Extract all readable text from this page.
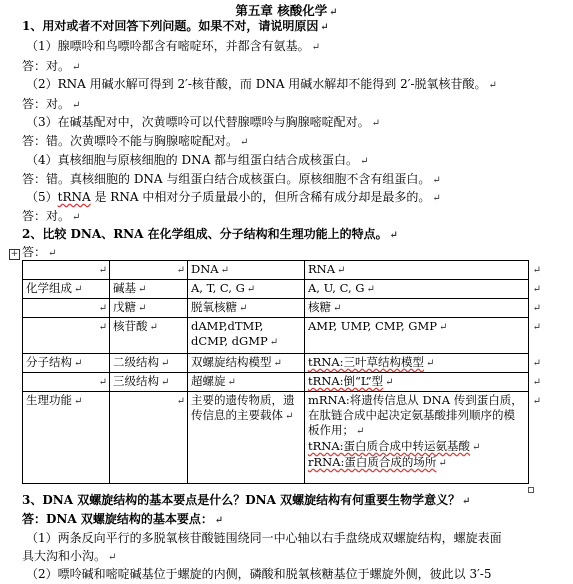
第五章 核酸化学 ↵
1、用对或者不对回答下列问题。如果不对，请说明原因 ↵
（1）腺嘌呤和鸟嘌呤都含有嘧啶环，并都含有氨基。 ↵
答：对。 ↵
（2）RNA 用碱水解可得到 2′-核苷酸，而 DNA 用碱水解却不能得到 2′-脱氧核苷酸。 ↵
答：对。 ↵
（3）在碱基配对中，次黄嘌呤可以代替腺嘌呤与胸腺嘧啶配对。 ↵
答：错。次黄嘌呤不能与胸腺嘧啶配对。 ↵
（4）真核细胞与原核细胞的 DNA 都与组蛋白结合成核蛋白。 ↵
答：错。真核细胞的 DNA 与组蛋白结合成核蛋白。原核细胞不含有组蛋白。 ↵
（5）tRNA 是 RNA 中相对分子质量最小的，但所含稀有成分却是最多的。 ↵
答：对。 ↵
2、比较 DNA、RNA 在化学组成、分子结构和生理功能上的特点。 ↵
答： ↵
+
↵	↵	DNA ↵	RNA ↵ ↵

化学组成 ↵	碱基 ↵	A, T, C, G ↵	A, U, C, G ↵ ↵

↵	戊糖 ↵	脱氧核糖 ↵	核糖 ↵ ↵

↵	核苷酸 ↵	dAMP,dTMP, dCMP, dGMP ↵	AMP, UMP, CMP, GMP ↵ ↵

分子结构 ↵	二级结构 ↵	双螺旋结构模型 ↵	tRNA:三叶草结构模型 ↵ ↵

↵	三级结构 ↵	超螺旋 ↵	tRNA:倒“L”型 ↵ ↵

生理功能 ↵	↵	主要的遗传物质，遗传信息的主要载体 ↵	mRNA:将遗传信息从 DNA 传到蛋白质，在肽链合成中起决定氨基酸排列顺序的模板作用； ↵
tRNA:蛋白质合成中转运氨基酸 ↵
rRNA:蛋白质合成的场所 ↵
↵
3、DNA 双螺旋结构的基本要点是什么？DNA 双螺旋结构有何重要生物学意义？ ↵
答：DNA 双螺旋结构的基本要点： ↵
（1）两条反向平行的多脱氧核苷酸链围绕同一中心轴以右手盘绕成双螺旋结构，螺旋表面
具大沟和小沟。 ↵
（2）嘌呤碱和嘧啶碱基位于螺旋的内侧，磷酸和脱氧核糖基位于螺旋外侧，彼此以 3′-5
